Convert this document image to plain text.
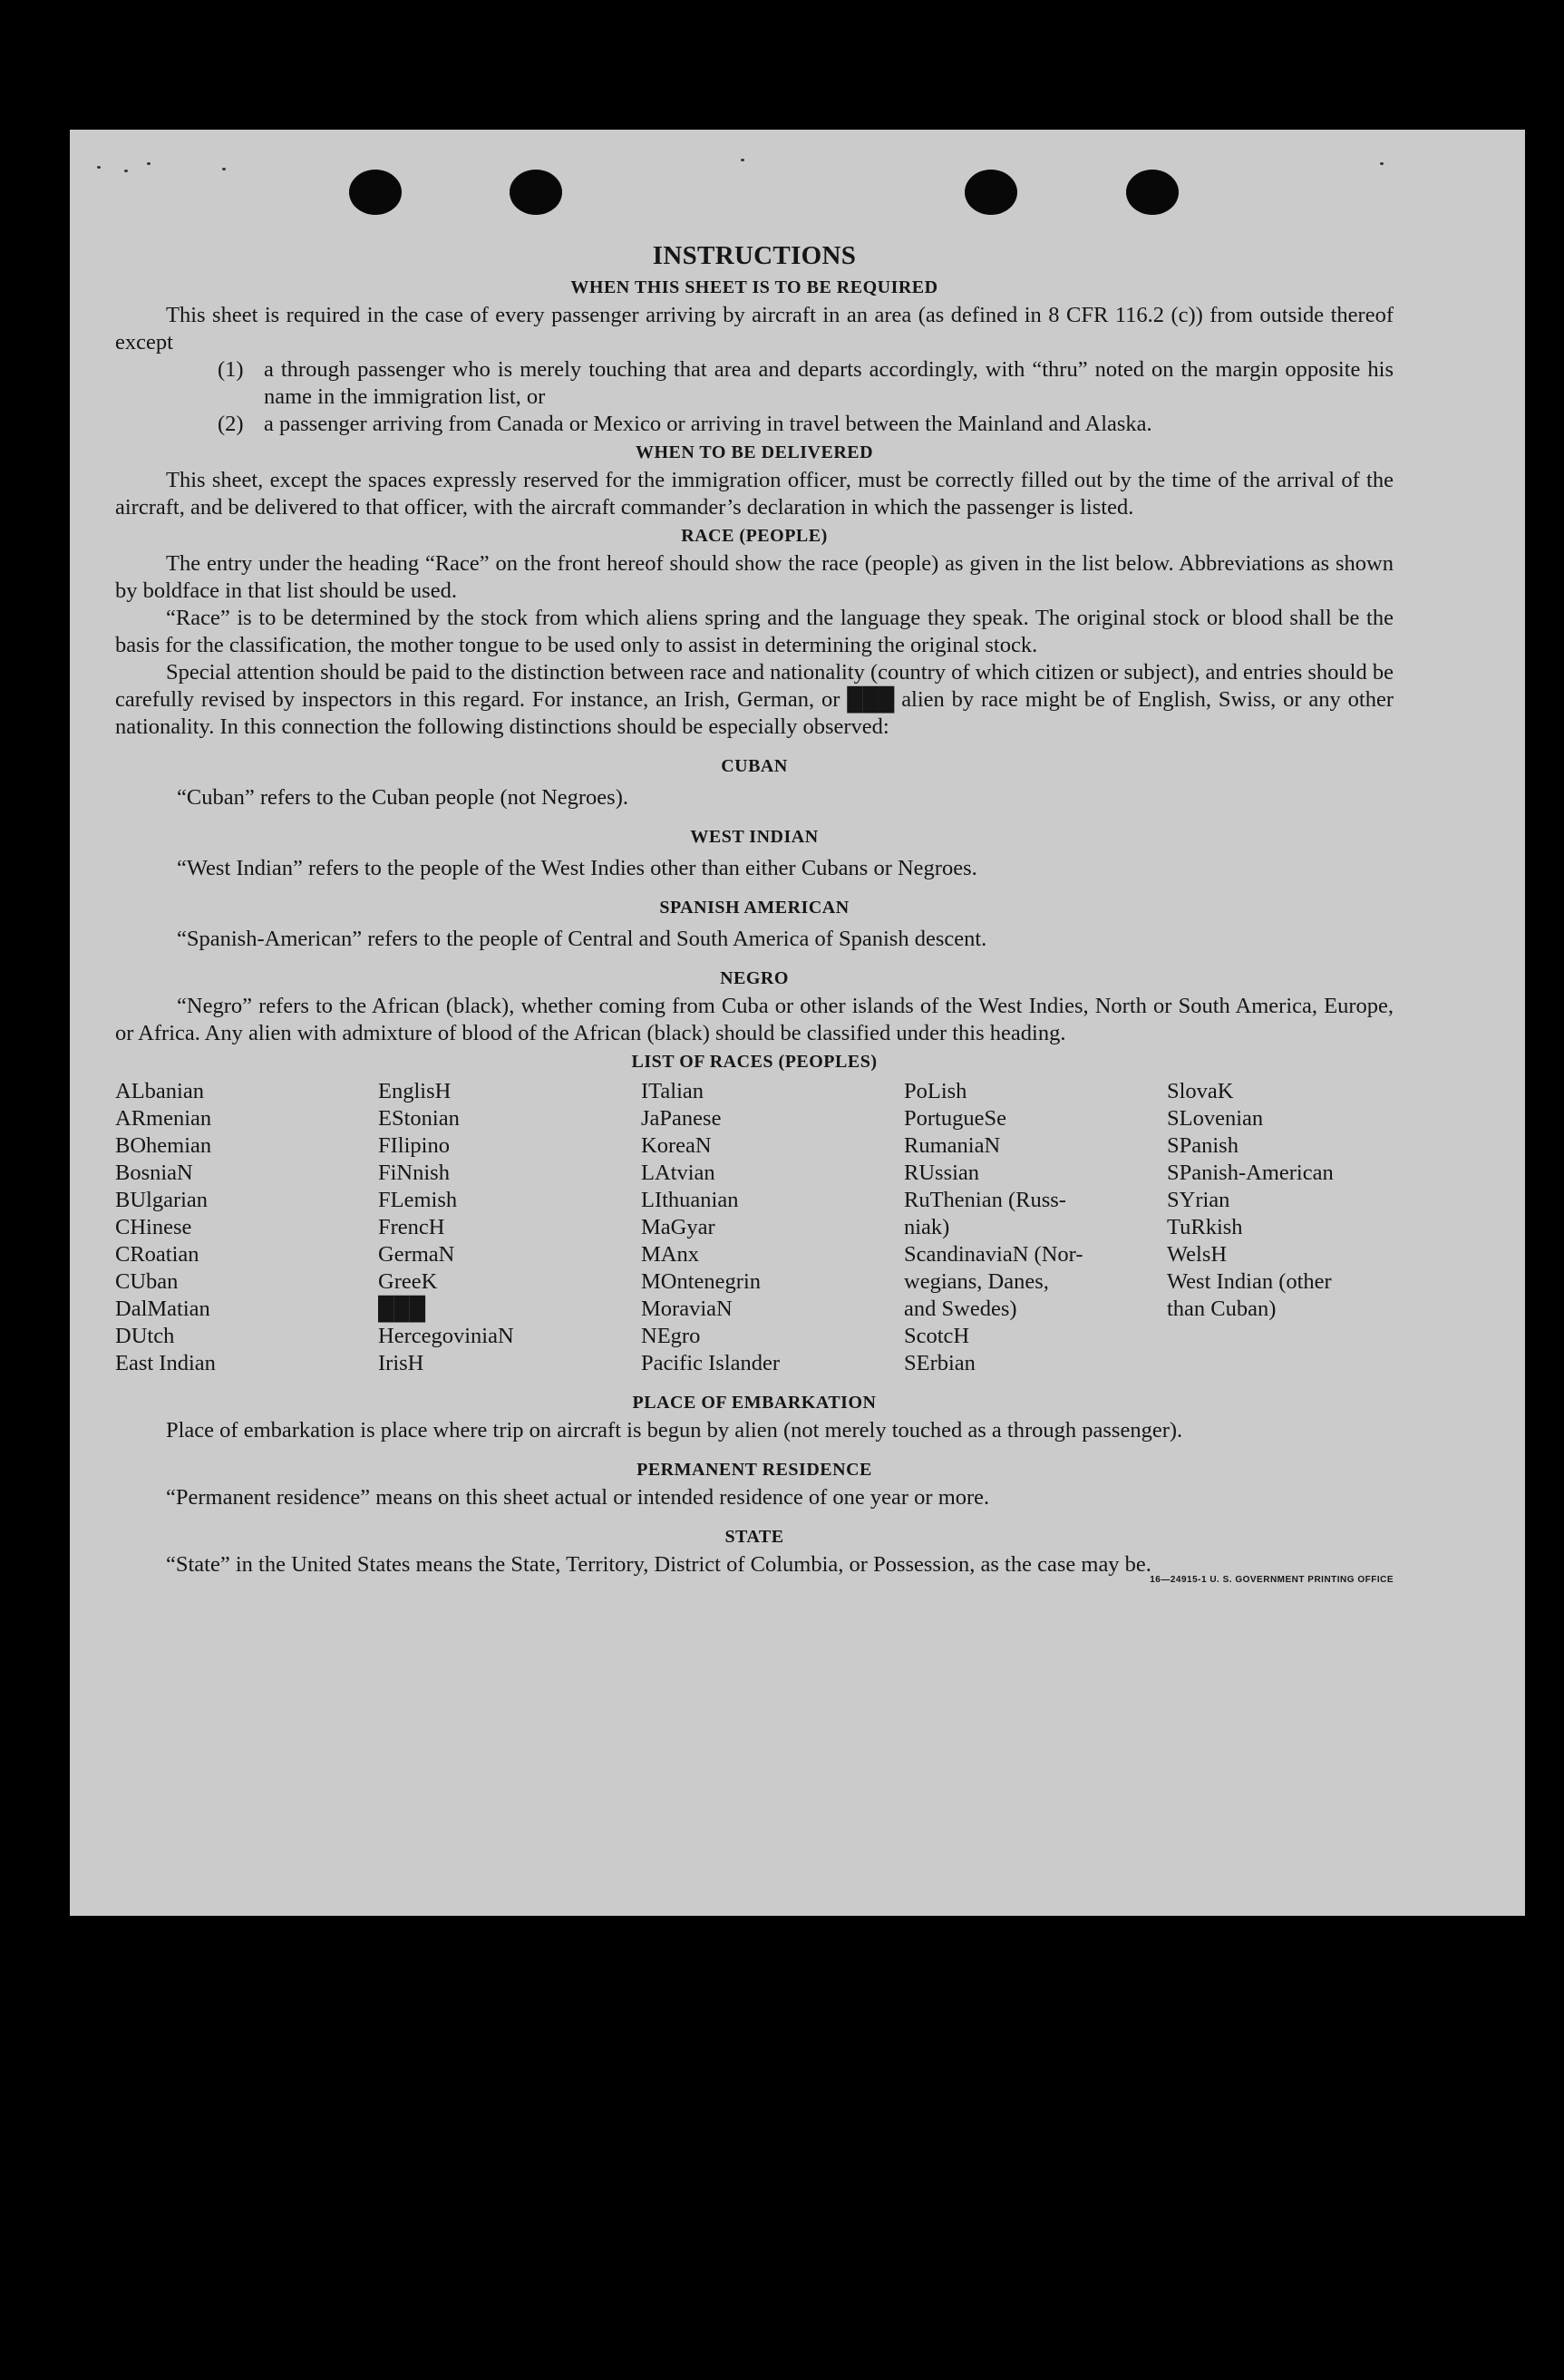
INSTRUCTIONS
WHEN THIS SHEET IS TO BE REQUIRED

This sheet is required in the case of every passenger arriving by aircraft in an area (as defined in 8 CFR 116.2 (c)) from outside thereof except

(1) a through passenger who is merely touching that area and departs accordingly, with “thru” noted on the margin opposite his name in the immigration list, or
(2) a passenger arriving from Canada or Mexico or arriving in travel between the Mainland and Alaska.
WHEN TO BE DELIVERED

This sheet, except the spaces expressly reserved for the immigration officer, must be correctly filled out by the time of the arrival of the aircraft, and be delivered to that officer, with the aircraft commander’s declaration in which the passenger is listed.

RACE (PEOPLE)

The entry under the heading “Race” on the front hereof should show the race (people) as given in the list below. Abbreviations as shown by boldface in that list should be used.

“Race” is to be determined by the stock from which aliens spring and the language they speak. The original stock or blood shall be the basis for the classification, the mother tongue to be used only to assist in determining the original stock.

Special attention should be paid to the distinction between race and nationality (country of which citizen or subject), and entries should be carefully revised by inspectors in this regard. For instance, an Irish, German, or ███ alien by race might be of English, Swiss, or any other nationality. In this connection the following distinctions should be especially observed:

CUBAN

“Cuban” refers to the Cuban people (not Negroes).

WEST INDIAN

“West Indian” refers to the people of the West Indies other than either Cubans or Negroes.

SPANISH AMERICAN

“Spanish-American” refers to the people of Central and South America of Spanish descent.

NEGRO

“Negro” refers to the African (black), whether coming from Cuba or other islands of the West Indies, North or South America, Europe, or Africa. Any alien with admixture of blood of the African (black) should be classified under this heading.

LIST OF RACES (PEOPLES)
ALbanian
ARmenian
BOhemian
BosniaN
BUlgarian
CHinese
CRoatian
CUban
DalMatian
DUtch
East Indian
EnglisH
EStonian
FIlipino
FiNnish
FLemish
FrencH
GermaN
GreeK
███
HercegoviniaN
IrisH
ITalian
JaPanese
KoreaN
LAtvian
LIthuanian
MaGyar
MAnx
MOntenegrin
MoraviaN
NEgro
Pacific Islander
PoLish
PortugueSe
RumaniaN
RUssian
RuThenian (Russ-
niak)
ScandinaviaN (Nor-
wegians, Danes,
and Swedes)
ScotcH
SErbian
SlovaK
SLovenian
SPanish
SPanish-American
SYrian
TuRkish
WelsH
West Indian (other
than Cuban)
PLACE OF EMBARKATION

Place of embarkation is place where trip on aircraft is begun by alien (not merely touched as a through passenger).

PERMANENT RESIDENCE

“Permanent residence” means on this sheet actual or intended residence of one year or more.

STATE

“State” in the United States means the State, Territory, District of Columbia, or Possession, as the case may be.

16—24915-1 U. S. GOVERNMENT PRINTING OFFICE
